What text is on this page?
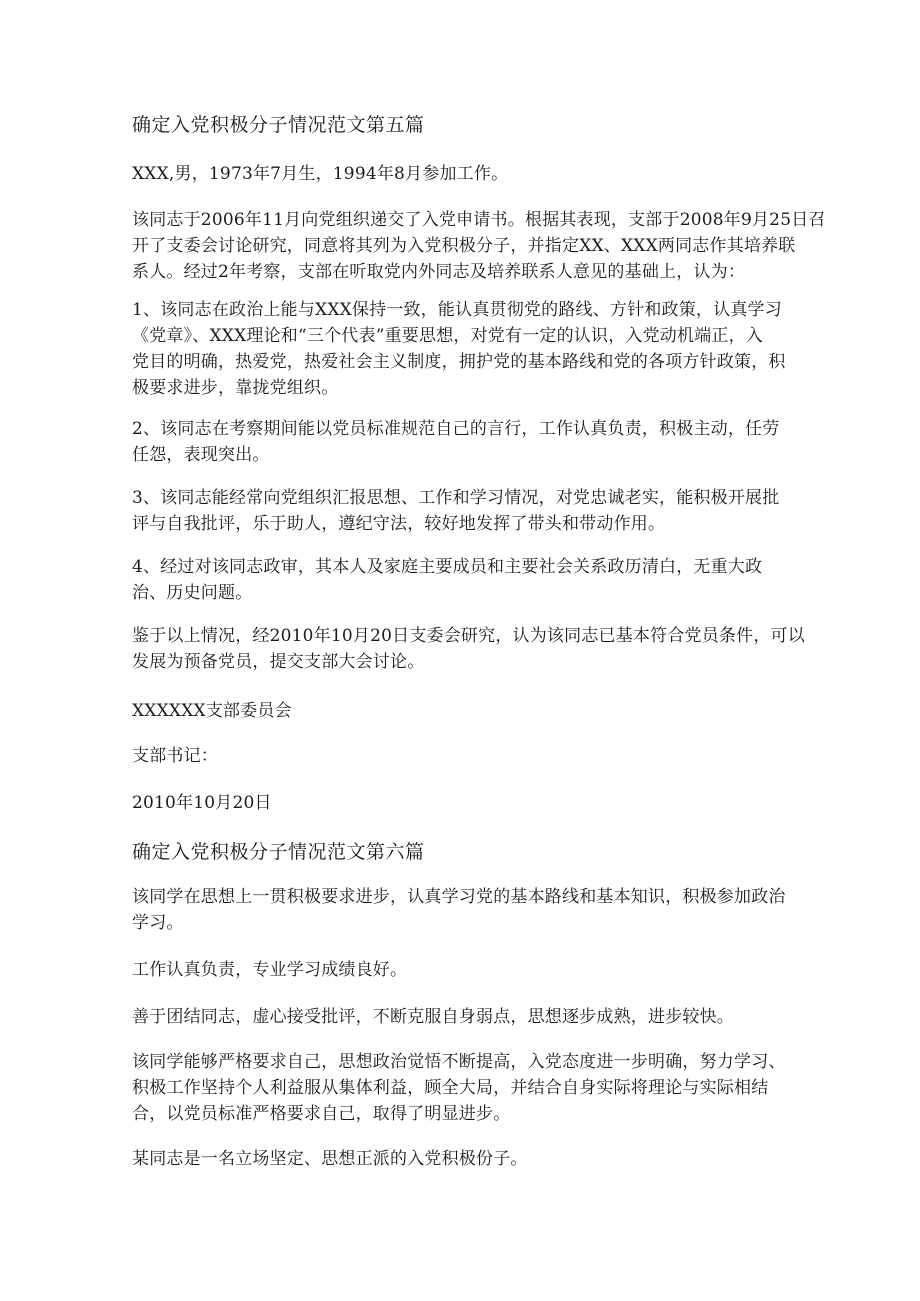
确定入党积极分子情况范文第五篇

XXX,男，1973年7月生，1994年8月参加工作。

该同志于2006年11月向党组织递交了入党申请书。根据其表现，支部于2008年9月25日召

开了支委会讨论研究，同意将其列为入党积极分子，并指定XX、XXX两同志作其培养联

系人。经过2年考察，支部在听取党内外同志及培养联系人意见的基础上，认为：

1、该同志在政治上能与XXX保持一致，能认真贯彻党的路线、方针和政策，认真学习

《党章》、XXX理论和“三个代表”重要思想，对党有一定的认识，入党动机端正，入

党目的明确，热爱党，热爱社会主义制度，拥护党的基本路线和党的各项方针政策，积

极要求进步，靠拢党组织。

2、该同志在考察期间能以党员标准规范自己的言行，工作认真负责，积极主动，任劳

任怨，表现突出。

3、该同志能经常向党组织汇报思想、工作和学习情况，对党忠诚老实，能积极开展批

评与自我批评，乐于助人，遵纪守法，较好地发挥了带头和带动作用。

4、经过对该同志政审，其本人及家庭主要成员和主要社会关系政历清白，无重大政

治、历史问题。

鉴于以上情况，经2010年10月20日支委会研究，认为该同志已基本符合党员条件，可以

发展为预备党员，提交支部大会讨论。

XXXXXX支部委员会

支部书记：

2010年10月20日

确定入党积极分子情况范文第六篇

该同学在思想上一贯积极要求进步，认真学习党的基本路线和基本知识，积极参加政治

学习。

工作认真负责，专业学习成绩良好。

善于团结同志，虚心接受批评，不断克服自身弱点，思想逐步成熟，进步较快。

该同学能够严格要求自己，思想政治觉悟不断提高，入党态度进一步明确，努力学习、

积极工作坚持个人利益服从集体利益，顾全大局，并结合自身实际将理论与实际相结

合，以党员标准严格要求自己，取得了明显进步。

某同志是一名立场坚定、思想正派的入党积极份子。
